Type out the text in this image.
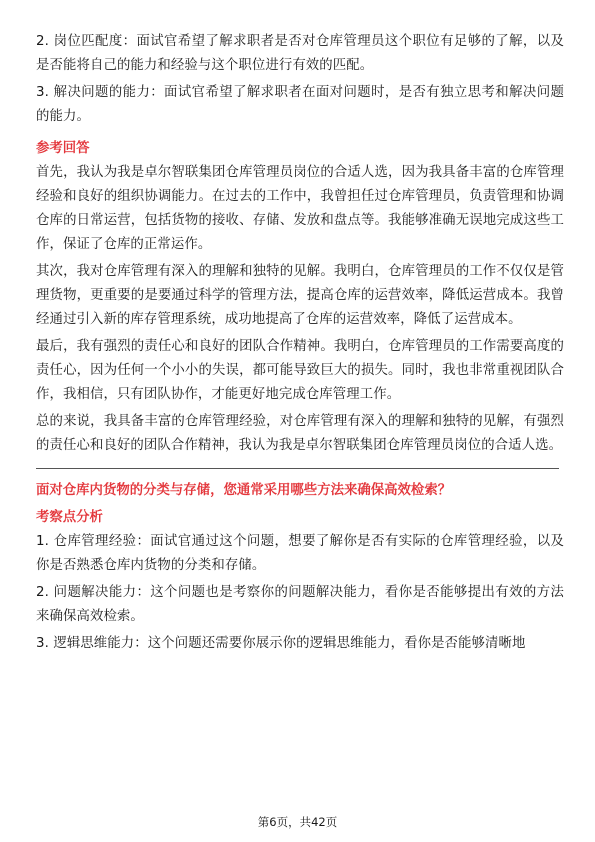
2. 岗位匹配度：面试官希望了解求职者是否对仓库管理员这个职位有足够的了解，以及是否能将自己的能力和经验与这个职位进行有效的匹配。

3. 解决问题的能力：面试官希望了解求职者在面对问题时，是否有独立思考和解决问题的能力。

参考回答

首先，我认为我是卓尔智联集团仓库管理员岗位的合适人选，因为我具备丰富的仓库管理经验和良好的组织协调能力。在过去的工作中，我曾担任过仓库管理员，负责管理和协调仓库的日常运营，包括货物的接收、存储、发放和盘点等。我能够准确无误地完成这些工作，保证了仓库的正常运作。

其次，我对仓库管理有深入的理解和独特的见解。我明白，仓库管理员的工作不仅仅是管理货物，更重要的是要通过科学的管理方法，提高仓库的运营效率，降低运营成本。我曾经通过引入新的库存管理系统，成功地提高了仓库的运营效率，降低了运营成本。

最后，我有强烈的责任心和良好的团队合作精神。我明白，仓库管理员的工作需要高度的责任心，因为任何一个小小的失误，都可能导致巨大的损失。同时，我也非常重视团队合作，我相信，只有团队协作，才能更好地完成仓库管理工作。

总的来说，我具备丰富的仓库管理经验，对仓库管理有深入的理解和独特的见解，有强烈的责任心和良好的团队合作精神，我认为我是卓尔智联集团仓库管理员岗位的合适人选。

面对仓库内货物的分类与存储，您通常采用哪些方法来确保高效检索？
考察点分析

1. 仓库管理经验：面试官通过这个问题，想要了解你是否有实际的仓库管理经验，以及你是否熟悉仓库内货物的分类和存储。

2. 问题解决能力：这个问题也是考察你的问题解决能力，看你是否能够提出有效的方法来确保高效检索。

3. 逻辑思维能力：这个问题还需要你展示你的逻辑思维能力，看你是否能够清晰地

第6页，共42页
